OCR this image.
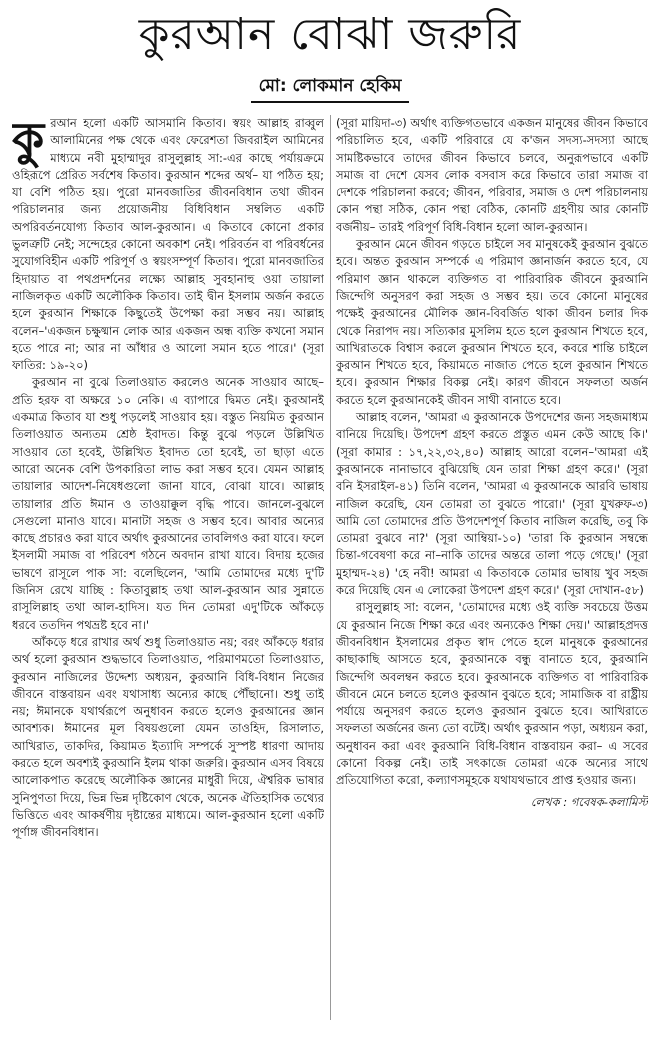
কুরআন বোঝা জরুরি
মো: লোকমান হেকিম

কুরআন হলো একটি আসমানি কিতাব। স্বয়ং আল্লাহ রাব্বুল আলামিনের পক্ষ থেকে এবং ফেরেশতা জিবরাইল আমিনের মাধ্যমে নবী মুহাম্মাদুর রাসুলুল্লাহ সা:-এর কাছে পর্যায়ক্রমে ওহিরূপে প্রেরিত সর্বশেষ কিতাব। কুরআন শব্দের অর্থ– যা পঠিত হয়; যা বেশি পঠিত হয়। পুরো মানবজাতির জীবনবিধান তথা জীবন পরিচালনার জন্য প্রয়োজনীয় বিধিবিধান সম্বলিত একটি অপরিবর্তনযোগ্য কিতাব আল-কুরআন। এ কিতাবে কোনো প্রকার ভুলত্রুটি নেই; সন্দেহের কোনো অবকাশ নেই। পরিবর্তন বা পরিবর্ধনের সুযোগবিহীন একটি পরিপূর্ণ ও স্বয়ংসম্পূর্ণ কিতাব। পুরো মানবজাতির হিদায়াত বা পথপ্রদর্শনের লক্ষ্যে আল্লাহ সুবহানাহু ওয়া তায়ালা নাজিলকৃত একটি অলৌকিক কিতাব। তাই দ্বীন ইসলাম অর্জন করতে হলে কুরআন শিক্ষাকে কিছুতেই উপেক্ষা করা সম্ভব নয়। আল্লাহ বলেন–'একজন চক্ষুষ্মান লোক আর একজন অন্ধ ব্যক্তি কখনো সমান হতে পারে না; আর না আঁধার ও আলো সমান হতে পারে।' (সূরা ফাতির: ১৯-২০)

কুরআন না বুঝে তিলাওয়াত করলেও অনেক সাওয়াব আছে– প্রতি হরফ বা অক্ষরে ১০ নেকি। এ ব্যাপারে দ্বিমত নেই। কুরআনই একমাত্র কিতাব যা শুধু পড়লেই সাওয়াব হয়। বস্তুত নিয়মিত কুরআন তিলাওয়াত অন্যতম শ্রেষ্ঠ ইবাদত। কিন্তু বুঝে পড়লে উল্লিখিত সাওয়াব তো হবেই, উল্লিখিত ইবাদত তো হবেই, তা ছাড়া এতে আরো অনেক বেশি উপকারিতা লাভ করা সম্ভব হবে। যেমন আল্লাহ তায়ালার আদেশ-নিষেধগুলো জানা যাবে, বোঝা যাবে। আল্লাহ তায়ালার প্রতি ঈমান ও তাওয়াক্কুল বৃদ্ধি পাবে। জানলে-বুঝলে সেগুলো মানাও যাবে। মানাটা সহজ ও সম্ভব হবে। আবার অন্যের কাছে প্রচারও করা যাবে অর্থাৎ কুরআনের তাবলিগও করা যাবে। ফলে ইসলামী সমাজ বা পরিবেশ গঠনে অবদান রাখা যাবে। বিদায় হজের ভাষণে রাসূলে পাক সা: বলেছিলেন, 'আমি তোমাদের মধ্যে দু'টি জিনিস রেখে যাচ্ছি : কিতাবুল্লাহ তথা আল-কুরআন আর সুন্নাতে রাসূলিল্লাহ তথা আল-হাদিস। যত দিন তোমরা এদু'টিকে আঁকড়ে ধরবে ততদিন পথভ্রষ্ট হবে না।'

আঁকড়ে ধরে রাখার অর্থ শুধু তিলাওয়াত নয়; বরং আঁকড়ে ধরার অর্থ হলো কুরআন শুদ্ধভাবে তিলাওয়াত, পরিমাণমতো তিলাওয়াত, কুরআন নাজিলের উদ্দেশ্য অধ্যয়ন, কুরআনি বিধি-বিধান নিজের জীবনে বাস্তবায়ন এবং যথাসাধ্য অন্যের কাছে পৌঁছানো। শুধু তাই নয়; ঈমানকে যথার্থরূপে অনুধাবন করতে হলেও কুরআনের জ্ঞান আবশ্যক। ঈমানের মূল বিষয়গুলো যেমন তাওহিদ, রিসালাত, আখিরাত, তাকদির, কিয়ামত ইত্যাদি সম্পর্কে সুস্পষ্ট ধারণা আদায় করতে হলে অবশ্যই কুরআনি ইলম থাকা জরুরি। কুরআন এসব বিষয়ে আলোকপাত করেছে অলৌকিক জ্ঞানের মাধুরী দিয়ে, ঐশ্বরিক ভাষার সুনিপুণতা দিয়ে, ভিন্ন ভিন্ন দৃষ্টিকোণ থেকে, অনেক ঐতিহাসিক তথ্যের ভিত্তিতে এবং আকর্ষণীয় দৃষ্টান্তের মাধ্যমে। আল-কুরআন হলো একটি পূর্ণাঙ্গ জীবনবিধান।

(সূরা মায়িদা-৩) অর্থাৎ ব্যক্তিগতভাবে একজন মানুষের জীবন কিভাবে পরিচালিত হবে, একটি পরিবারে যে ক'জন সদস্য-সদস্যা আছে সামষ্টিকভাবে তাদের জীবন কিভাবে চলবে, অনুরূপভাবে একটি সমাজ বা দেশে যেসব লোক বসবাস করে কিভাবে তারা সমাজ বা দেশকে পরিচালনা করবে; জীবন, পরিবার, সমাজ ও দেশ পরিচালনায় কোন পন্থা সঠিক, কোন পন্থা বেঠিক, কোনটি গ্রহণীয় আর কোনটি বর্জনীয়– তারই পরিপূর্ণ বিধি-বিধান হলো আল-কুরআন।

কুরআন মেনে জীবন গড়তে চাইলে সব মানুষকেই কুরআন বুঝতে হবে। অন্তত কুরআন সম্পর্কে এ পরিমাণ জ্ঞানার্জন করতে হবে, যে পরিমাণ জ্ঞান থাকলে ব্যক্তিগত বা পারিবারিক জীবনে কুরআনি জিন্দেগি অনুসরণ করা সহজ ও সম্ভব হয়। তবে কোনো মানুষের পক্ষেই কুরআনের মৌলিক জ্ঞান-বিবর্জিত থাকা জীবন চলার দিক থেকে নিরাপদ নয়। সত্যিকার মুসলিম হতে হলে কুরআন শিখতে হবে, আখিরাতকে বিশ্বাস করলে কুরআন শিখতে হবে, কবরে শান্তি চাইলে কুরআন শিখতে হবে, কিয়ামতে নাজাত পেতে হলে কুরআন শিখতে হবে। কুরআন শিক্ষার বিকল্প নেই। কারণ জীবনে সফলতা অর্জন করতে হলে কুরআনকেই জীবন সাথী বানাতে হবে।

আল্লাহ বলেন, 'আমরা এ কুরআনকে উপদেশের জন্য সহজমাধ্যম বানিয়ে দিয়েছি। উপদেশ গ্রহণ করতে প্রস্তুত এমন কেউ আছে কি।' (সূরা কামার : ১৭,২২,৩২,৪০) আল্লাহ আরো বলেন–'আমরা এই কুরআনকে নানাভাবে বুঝিয়েছি যেন তারা শিক্ষা গ্রহণ করে।' (সূরা বনি ইসরাইল-৪১) তিনি বলেন, 'আমরা এ কুরআনকে আরবি ভাষায় নাজিল করেছি, যেন তোমরা তা বুঝতে পারো।' (সূরা যুখরুফ-৩) আমি তো তোমাদের প্রতি উপদেশপূর্ণ কিতাব নাজিল করেছি, তবু কি তোমরা বুঝবে না?' (সূরা আম্বিয়া-১০) 'তারা কি কুরআন সম্বন্ধে চিন্তা-গবেষণা করে না–নাকি তাদের অন্তরে তালা পড়ে গেছে।' (সূরা মুহাম্মদ-২৪) 'হে নবী! আমরা এ কিতাবকে তোমার ভাষায় খুব সহজ করে দিয়েছি যেন এ লোকেরা উপদেশ গ্রহণ করে।' (সূরা দোখান-৫৮)

রাসুলুল্লাহ সা: বলেন, 'তোমাদের মধ্যে ওই ব্যক্তি সবচেয়ে উত্তম যে কুরআন নিজে শিক্ষা করে এবং অন্যকেও শিক্ষা দেয়।' আল্লাহপ্রদত্ত জীবনবিধান ইসলামের প্রকৃত স্বাদ পেতে হলে মানুষকে কুরআনের কাছাকাছি আসতে হবে, কুরআনকে বন্ধু বানাতে হবে, কুরআনি জিন্দেগি অবলম্বন করতে হবে। কুরআনকে ব্যক্তিগত বা পারিবারিক জীবনে মেনে চলতে হলেও কুরআন বুঝতে হবে; সামাজিক বা রাষ্ট্রীয় পর্যায়ে অনুসরণ করতে হলেও কুরআন বুঝতে হবে। আখিরাতে সফলতা অর্জনের জন্য তো বটেই। অর্থাৎ কুরআন পড়া, অধ্যয়ন করা, অনুধাবন করা এবং কুরআনি বিধি-বিধান বাস্তবায়ন করা– এ সবের কোনো বিকল্প নেই। তাই সৎকাজে তোমরা একে অন্যের সাথে প্রতিযোগিতা করো, কল্যাণসমূহকে যথাযথভাবে প্রাপ্ত হওয়ার জন্য।

লেখক : গবেষক-কলামিস্ট
